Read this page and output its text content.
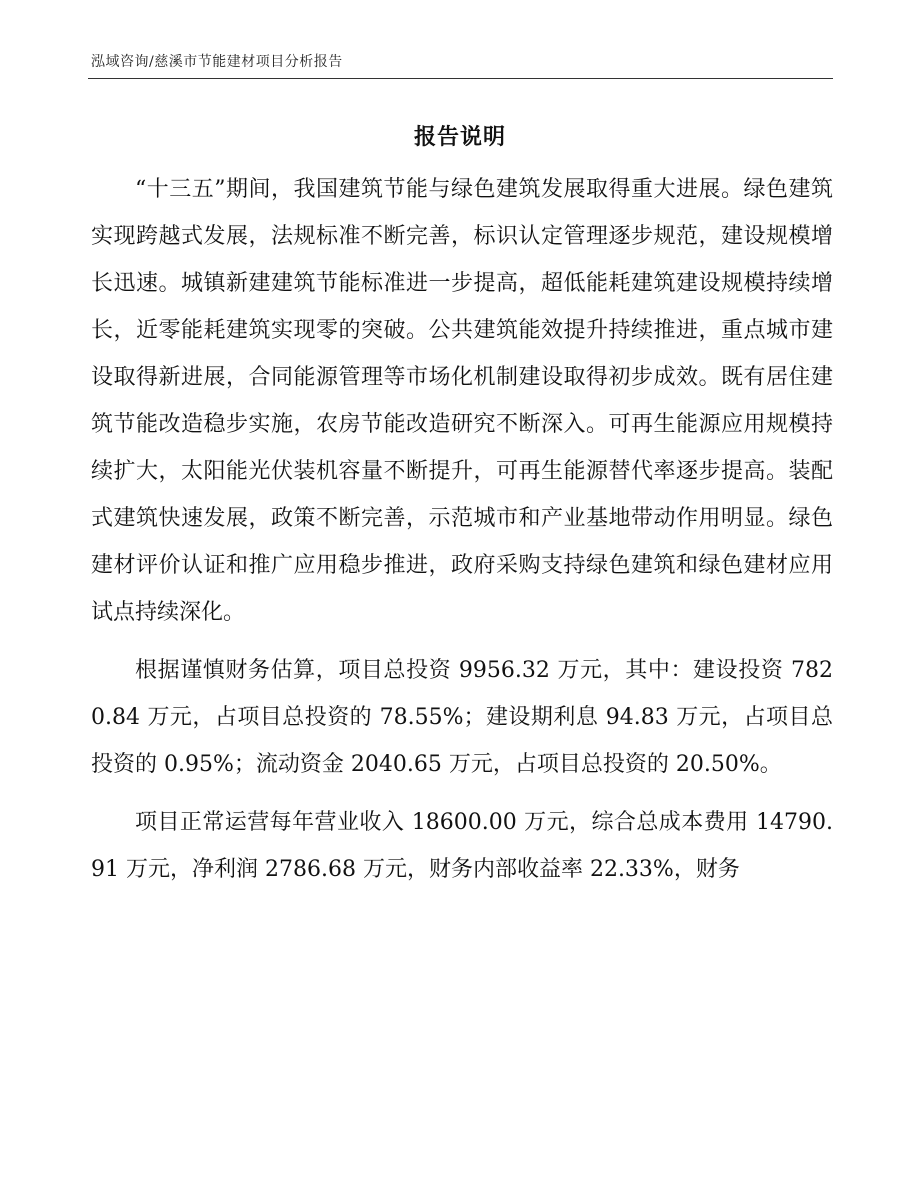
泓域咨询/慈溪市节能建材项目分析报告
报告说明

“十三五”期间，我国建筑节能与绿色建筑发展取得重大进展。绿色建筑实现跨越式发展，法规标准不断完善，标识认定管理逐步规范，建设规模增长迅速。城镇新建建筑节能标准进一步提高，超低能耗建筑建设规模持续增长，近零能耗建筑实现零的突破。公共建筑能效提升持续推进，重点城市建设取得新进展，合同能源管理等市场化机制建设取得初步成效。既有居住建筑节能改造稳步实施，农房节能改造研究不断深入。可再生能源应用规模持续扩大，太阳能光伏装机容量不断提升，可再生能源替代率逐步提高。装配式建筑快速发展，政策不断完善，示范城市和产业基地带动作用明显。绿色建材评价认证和推广应用稳步推进，政府采购支持绿色建筑和绿色建材应用试点持续深化。

根据谨慎财务估算，项目总投资 9956.32 万元，其中：建设投资 7820.84 万元，占项目总投资的 78.55%；建设期利息 94.83 万元，占项目总投资的 0.95%；流动资金 2040.65 万元，占项目总投资的 20.50%。

项目正常运营每年营业收入 18600.00 万元，综合总成本费用 14790.91 万元，净利润 2786.68 万元，财务内部收益率 22.33%，财务
